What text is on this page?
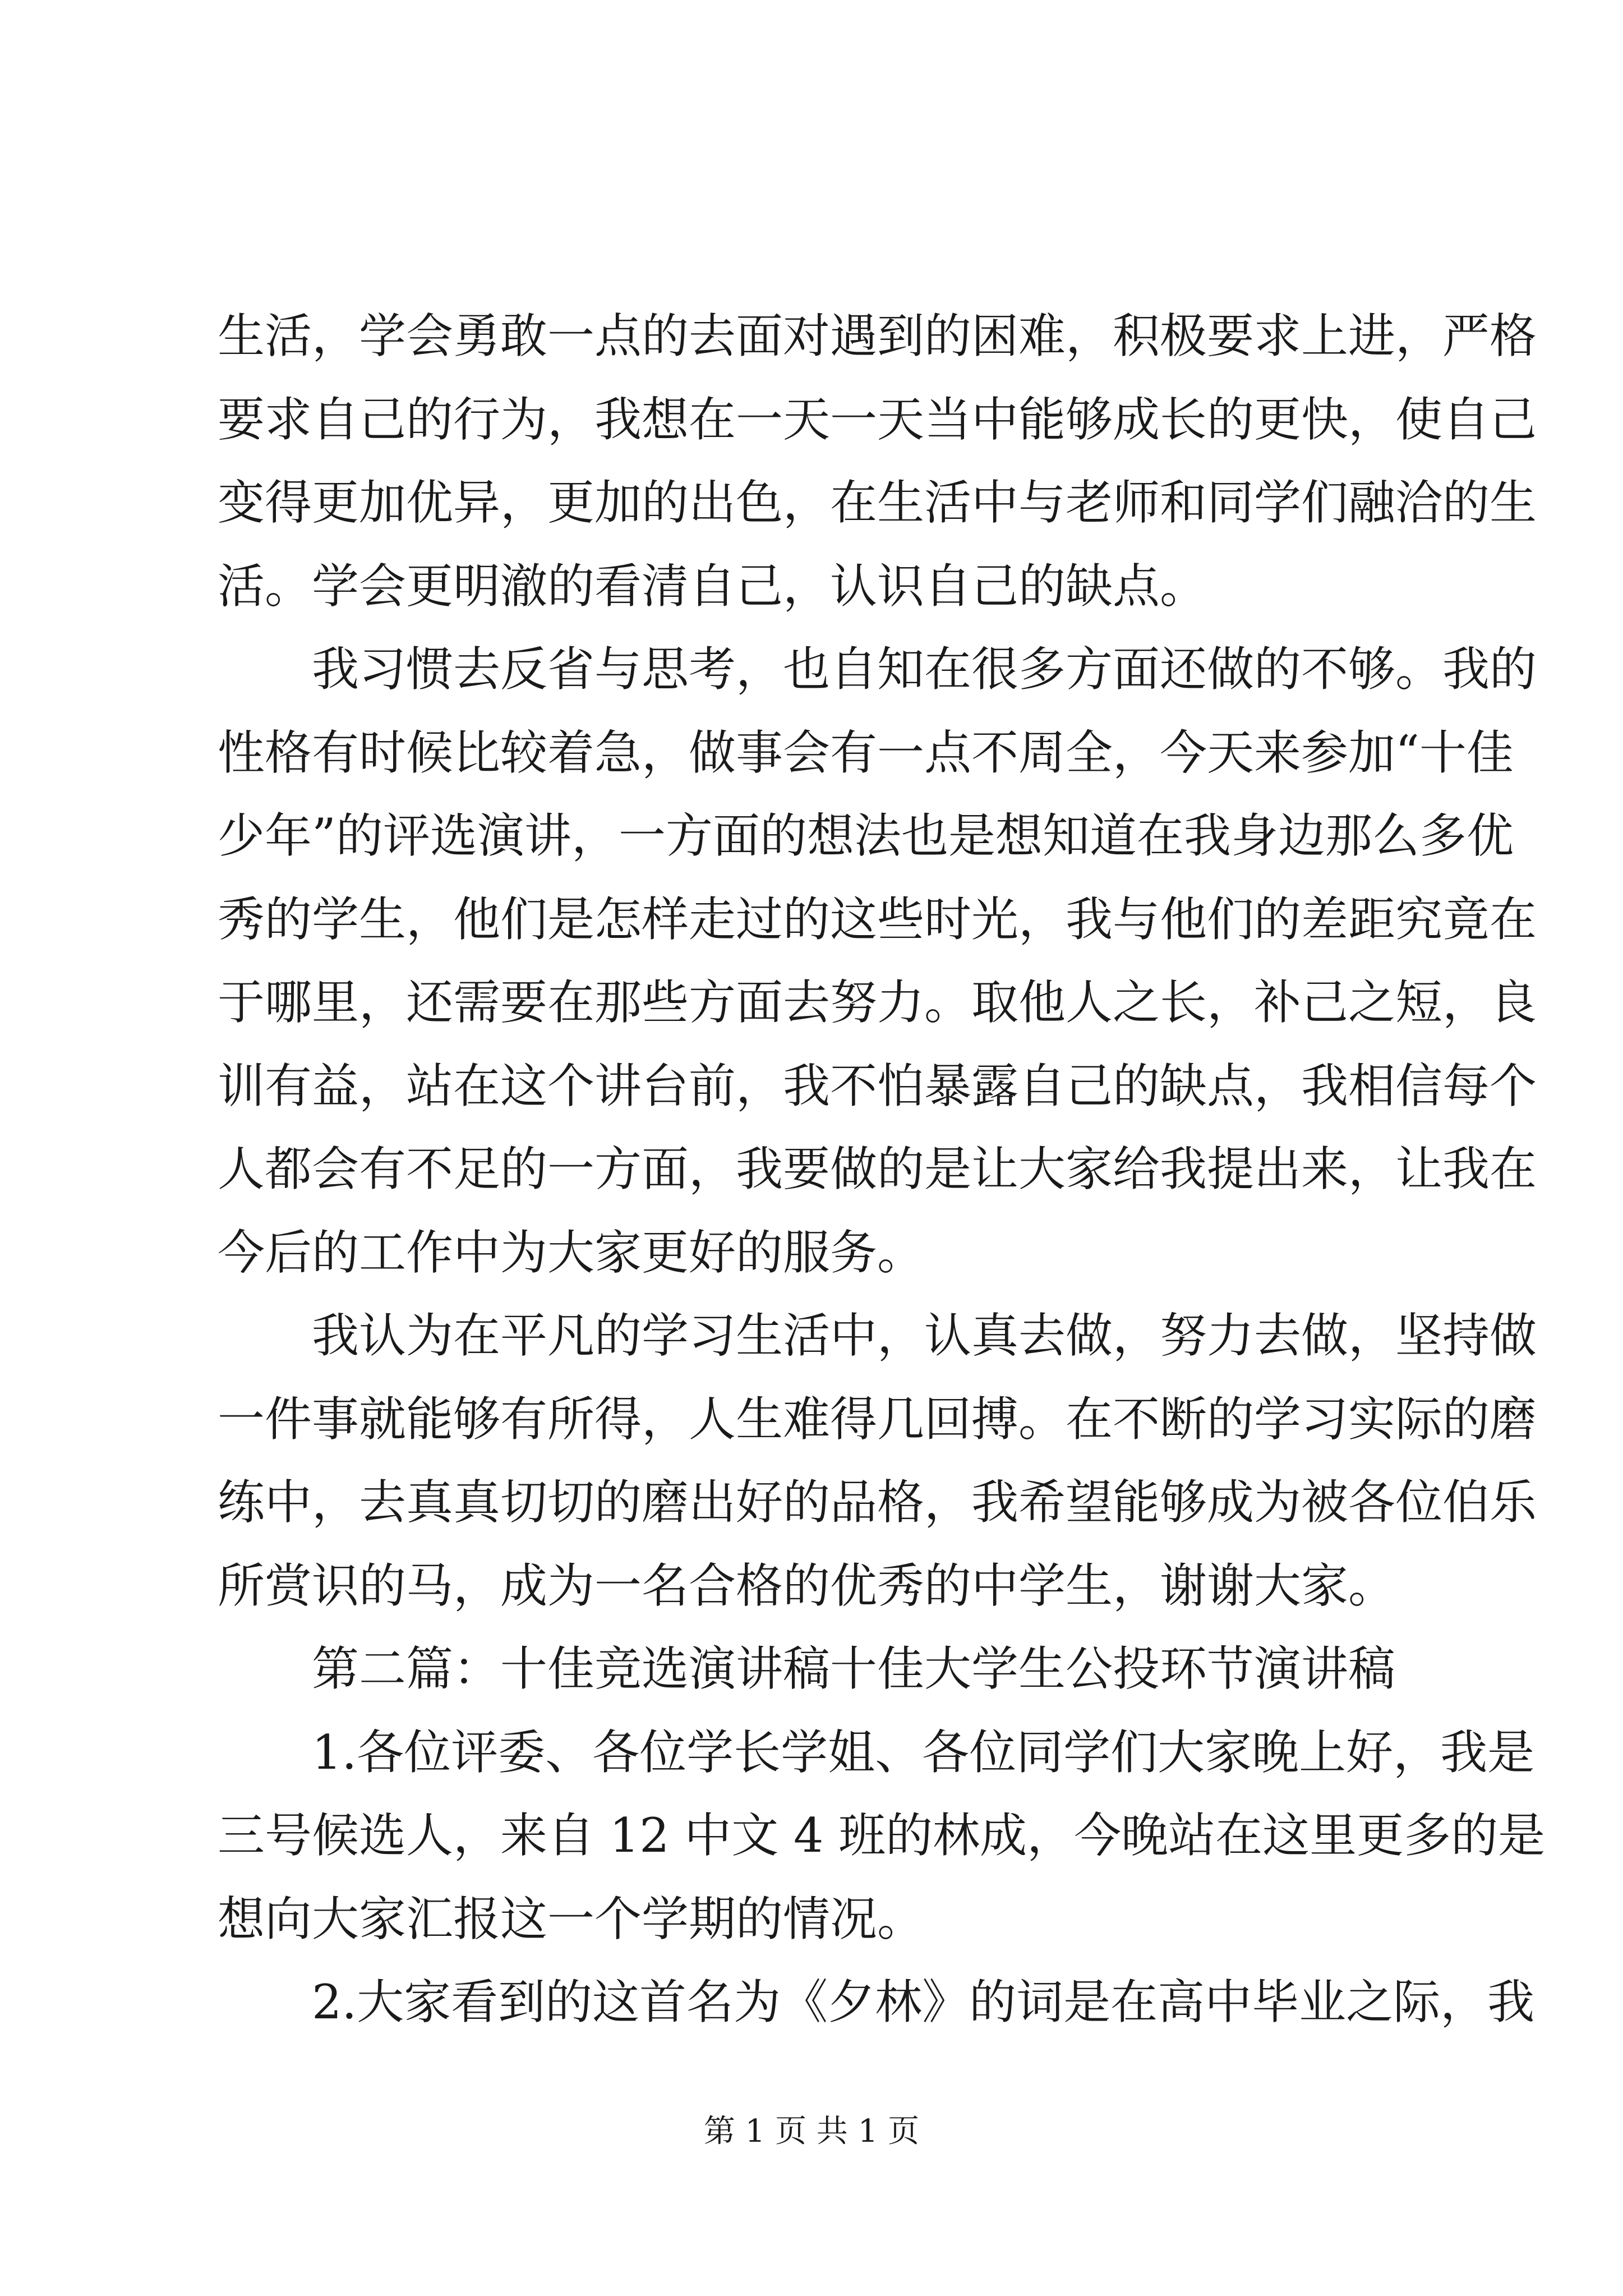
生活，学会勇敢一点的去面对遇到的困难，积极要求上进，严格
要求自己的行为，我想在一天一天当中能够成长的更快，使自己
变得更加优异，更加的出色，在生活中与老师和同学们融洽的生
活。学会更明澈的看清自己，认识自己的缺点。
我习惯去反省与思考，也自知在很多方面还做的不够。我的
性格有时候比较着急，做事会有一点不周全，今天来参加“十佳
少年”的评选演讲，一方面的想法也是想知道在我身边那么多优
秀的学生，他们是怎样走过的这些时光，我与他们的差距究竟在
于哪里，还需要在那些方面去努力。取他人之长，补己之短，良
训有益，站在这个讲台前，我不怕暴露自己的缺点，我相信每个
人都会有不足的一方面，我要做的是让大家给我提出来，让我在
今后的工作中为大家更好的服务。
我认为在平凡的学习生活中，认真去做，努力去做，坚持做
一件事就能够有所得，人生难得几回搏。在不断的学习实际的磨
练中，去真真切切的磨出好的品格，我希望能够成为被各位伯乐
所赏识的马，成为一名合格的优秀的中学生，谢谢大家。
第二篇：十佳竞选演讲稿十佳大学生公投环节演讲稿
1.各位评委、各位学长学姐、各位同学们大家晚上好，我是
三号候选人，来自 12 中文 4 班的林成，今晚站在这里更多的是
想向大家汇报这一个学期的情况。
2.大家看到的这首名为《夕林》的词是在高中毕业之际，我
第 1 页 共 1 页
